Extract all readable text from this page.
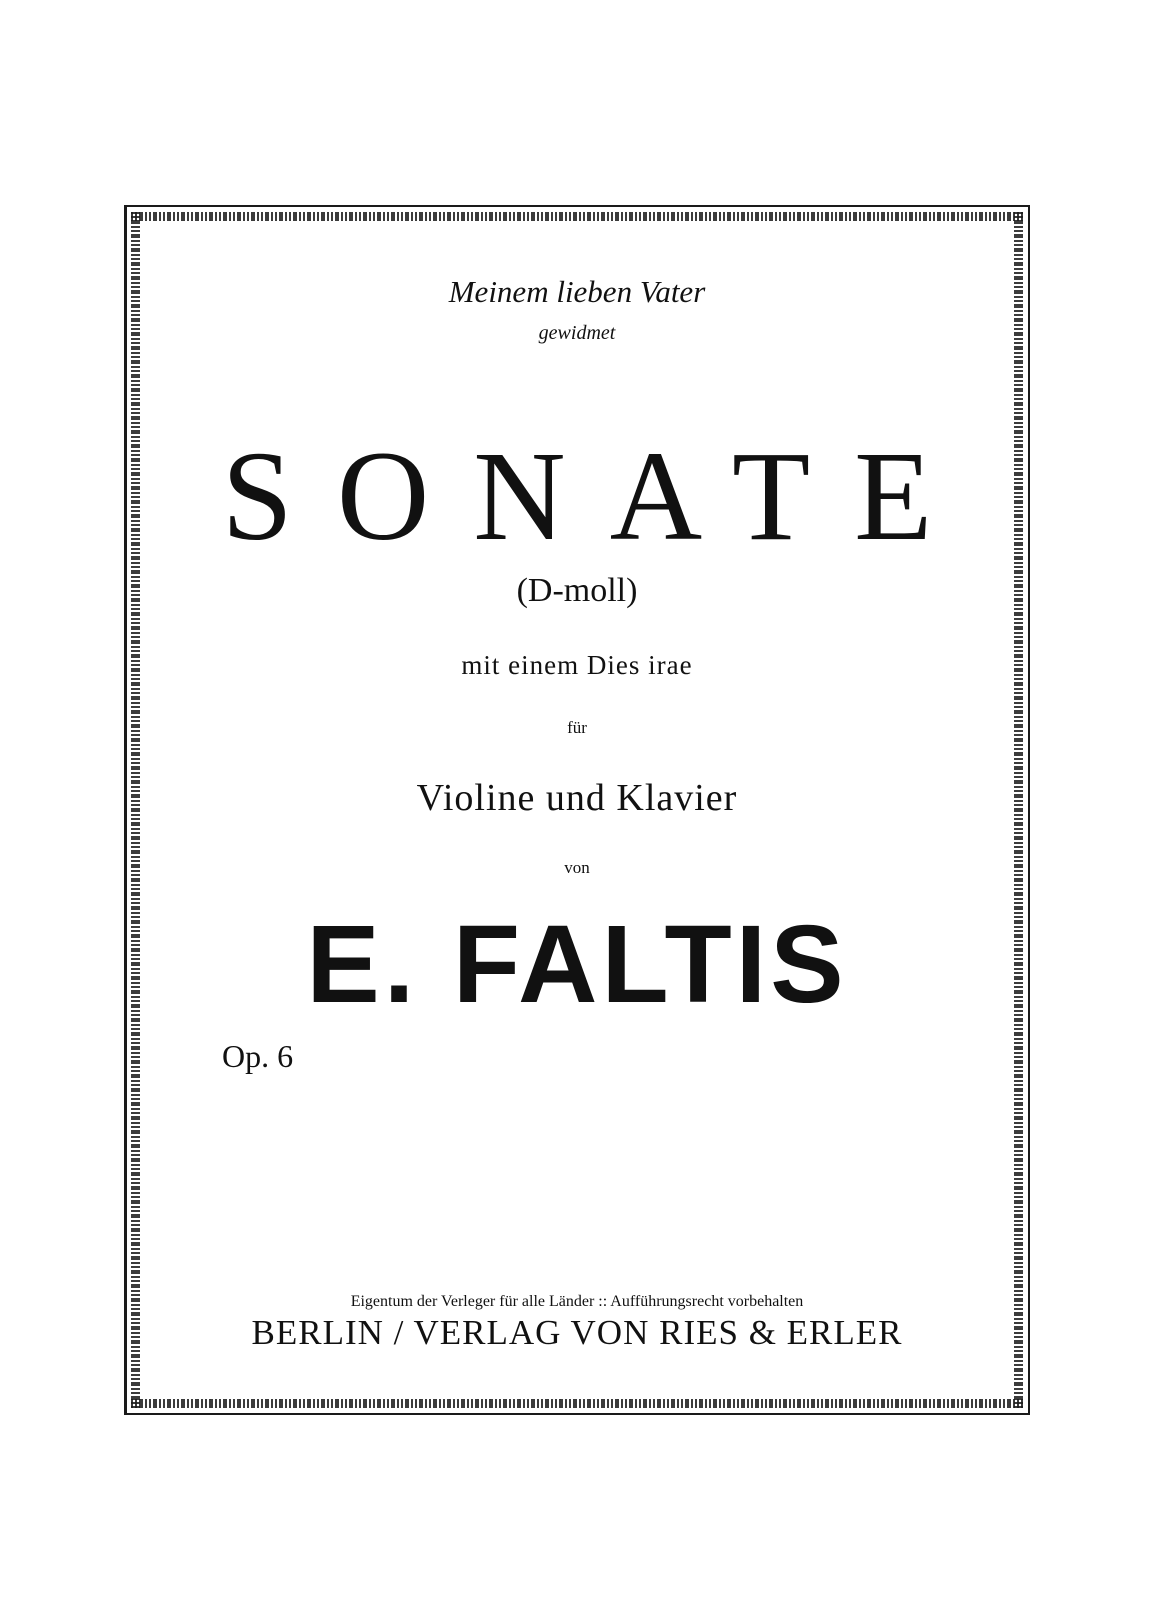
Meinem lieben Vater
gewidmet
SONATE
(D-moll)
mit einem Dies irae
für
Violine und Klavier
von
E. FALTIS
Op. 6
Eigentum der Verleger für alle Länder :: Aufführungsrecht vorbehalten
BERLIN / VERLAG VON RIES & ERLER
